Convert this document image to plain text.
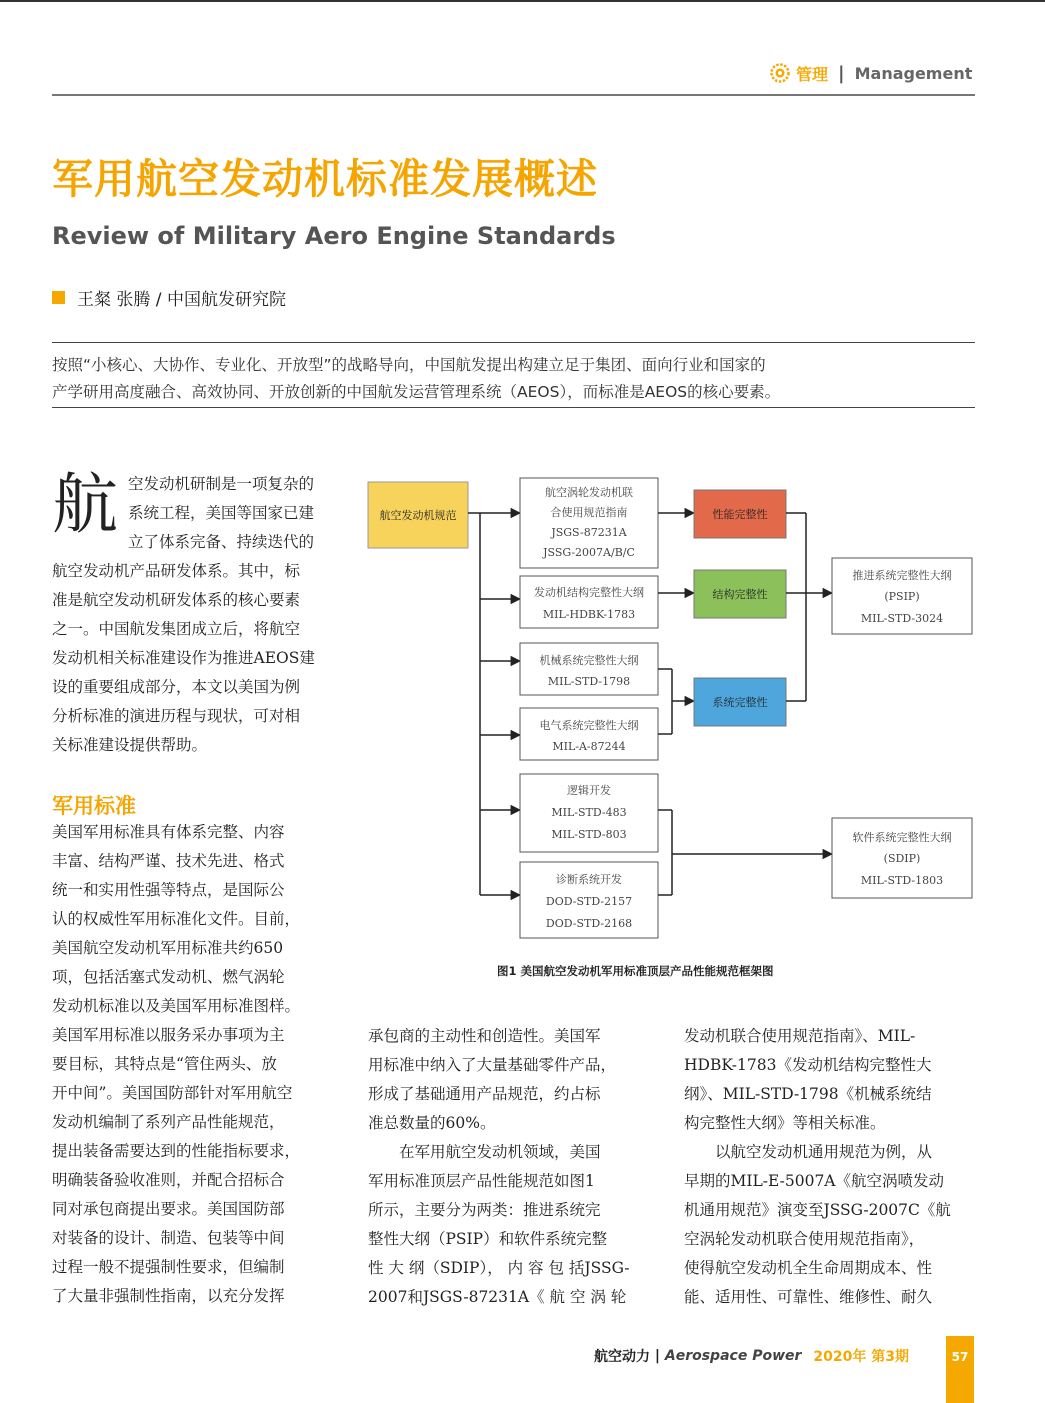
管理 | Management
军用航空发动机标准发展概述
Review of Military Aero Engine Standards
王粲 张腾 / 中国航发研究院
按照“小核心、大协作、专业化、开放型”的战略导向，中国航发提出构建立足于集团、面向行业和国家的
产学研用高度融合、高效协同、开放创新的中国航发运营管理系统（AEOS），而标准是AEOS的核心要素。
航 空发动机研制是一项复杂的
系统工程，美国等国家已建
立了体系完备、持续迭代的
航空发动机产品研发体系。其中，标
准是航空发动机研发体系的核心要素
之一。中国航发集团成立后，将航空
发动机相关标准建设作为推进AEOS建
设的重要组成部分，本文以美国为例
分析标准的演进历程与现状，可对相
关标准建设提供帮助。
军用标准
美国军用标准具有体系完整、内容
丰富、结构严谨、技术先进、格式
统一和实用性强等特点，是国际公
认的权威性军用标准化文件。目前，
美国航空发动机军用标准共约650
项，包括活塞式发动机、燃气涡轮
发动机标准以及美国军用标准图样。
美国军用标准以服务采办事项为主
要目标，其特点是“管住两头、放
开中间”。美国国防部针对军用航空
发动机编制了系列产品性能规范，
提出装备需要达到的性能指标要求，
明确装备验收准则，并配合招标合
同对承包商提出要求。美国国防部
对装备的设计、制造、包装等中间
过程一般不提强制性要求，但编制
了大量非强制性指南，以充分发挥
航空发动机规范
航空涡轮发动机联
合使用规范指南
JSGS-87231A
JSSG-2007A/B/C
发动机结构完整性大纲
MIL-HDBK-1783
机械系统完整性大纲
MIL-STD-1798
电气系统完整性大纲
MIL-A-87244
逻辑开发
MIL-STD-483
MIL-STD-803
诊断系统开发
DOD-STD-2157
DOD-STD-2168
性能完整性
结构完整性
系统完整性
推进系统完整性大纲
(PSIP)
MIL-STD-3024
软件系统完整性大纲
(SDIP)
MIL-STD-1803
图1 美国航空发动机军用标准顶层产品性能规范框架图
承包商的主动性和创造性。美国军
用标准中纳入了大量基础零件产品，
形成了基础通用产品规范，约占标
准总数量的60%。
　　在军用航空发动机领域，美国
军用标准顶层产品性能规范如图1
所示，主要分为两类：推进系统完
整性大纲（PSIP）和软件系统完整
性 大 纲（SDIP）， 内 容 包 括JSSG-
2007和JSGS-87231A《 航 空 涡 轮
发动机联合使用规范指南》、MIL-
HDBK-1783《发动机结构完整性大
纲》、MIL-STD-1798《机械系统结
构完整性大纲》等相关标准。
　　以航空发动机通用规范为例，从
早期的MIL-E-5007A《航空涡喷发动
机通用规范》演变至JSSG-2007C《航
空涡轮发动机联合使用规范指南》，
使得航空发动机全生命周期成本、性
能、适用性、可靠性、维修性、耐久
航空动力 | Aerospace Power 2020年 第3期	57
